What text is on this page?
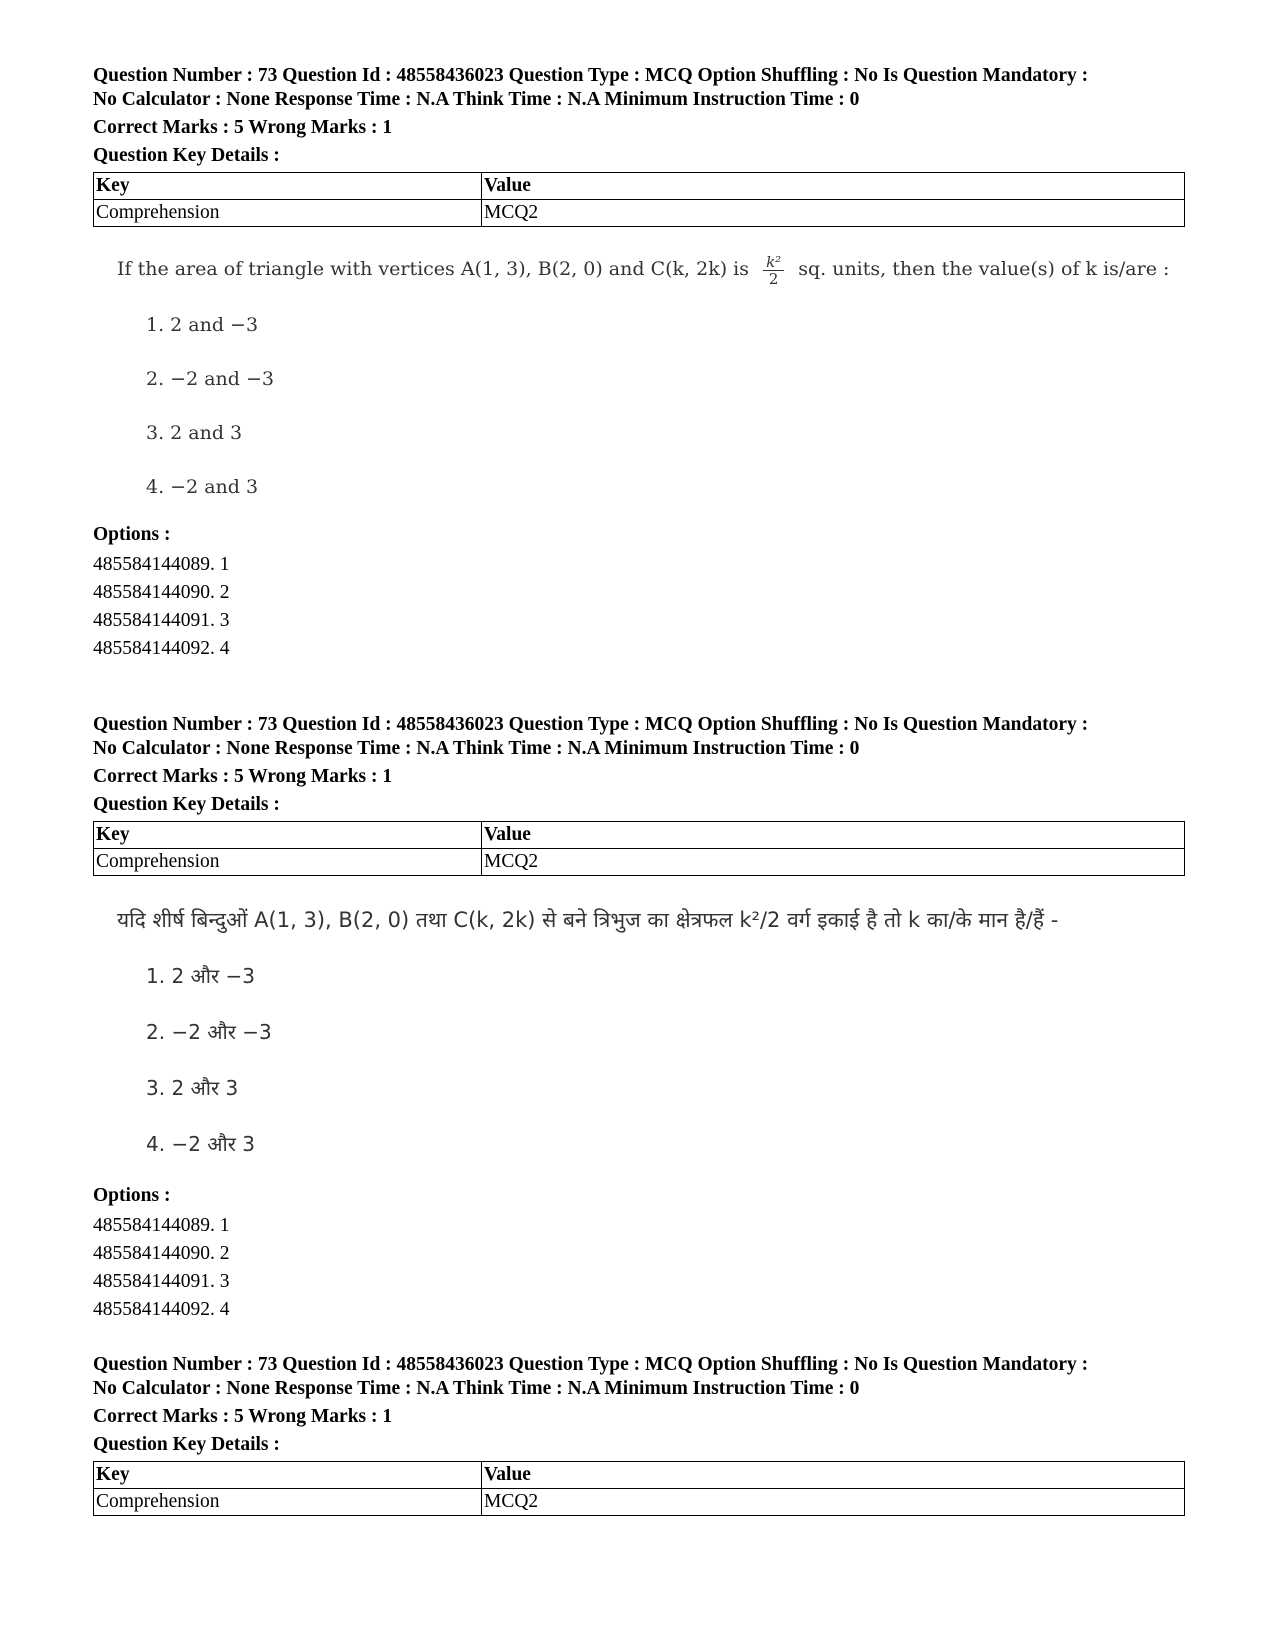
Question Number : 73 Question Id : 48558436023 Question Type : MCQ Option Shuffling : No Is Question Mandatory :
No Calculator : None Response Time : N.A Think Time : N.A Minimum Instruction Time : 0
Correct Marks : 5 Wrong Marks : 1
Question Key Details :
Key	Value
Comprehension	MCQ2
If the area of triangle with vertices A(1, 3), B(2, 0) and C(k, 2k) is $\frac{\text{k²}}{2}$ sq. units, then the value(s) of k is/are :
1. 2 and −3
2. −2 and −3
3. 2 and 3
4. −2 and 3
Options :
485584144089. 1
485584144090. 2
485584144091. 3
485584144092. 4
Question Number : 73 Question Id : 48558436023 Question Type : MCQ Option Shuffling : No Is Question Mandatory :
No Calculator : None Response Time : N.A Think Time : N.A Minimum Instruction Time : 0
Correct Marks : 5 Wrong Marks : 1
Question Key Details :
Key	Value
Comprehension	MCQ2
यदि शीर्ष बिन्दुओं A(1, 3), B(2, 0) तथा C(k, 2k) से बने त्रिभुज का क्षेत्रफल k²/2 वर्ग इकाई है तो k का/के मान है/हैं -
1. 2 और −3
2. −2 और −3
3. 2 और 3
4. −2 और 3
Options :
485584144089. 1
485584144090. 2
485584144091. 3
485584144092. 4
Question Number : 73 Question Id : 48558436023 Question Type : MCQ Option Shuffling : No Is Question Mandatory :
No Calculator : None Response Time : N.A Think Time : N.A Minimum Instruction Time : 0
Correct Marks : 5 Wrong Marks : 1
Question Key Details :
Key	Value
Comprehension	MCQ2
